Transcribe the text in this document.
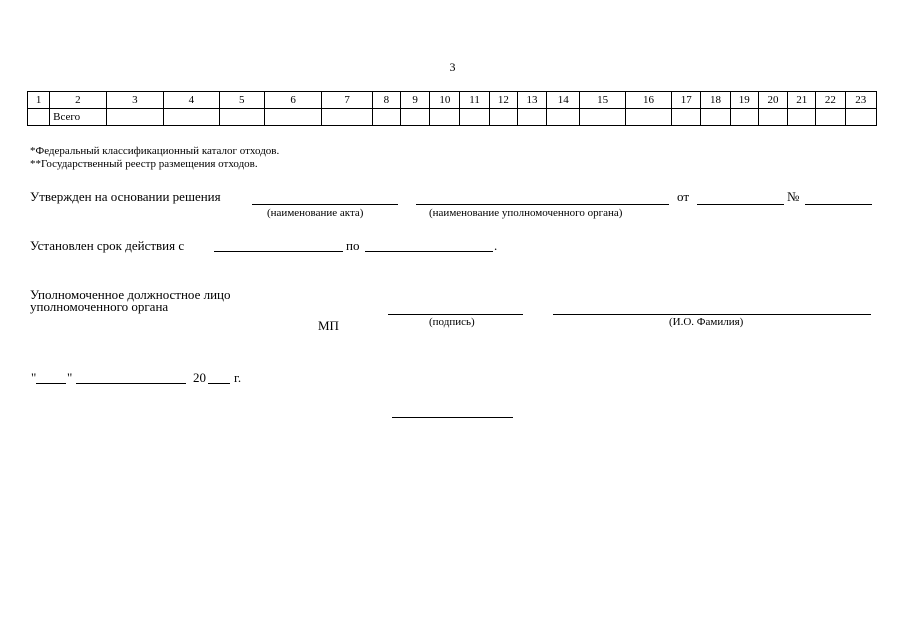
3
1	2	3	4	5	6	7	8	9	10	11	12	13	14	15	16	17	18	19	20	21	22	23
	Всего																					
*Федеральный классификационный каталог отходов.
**Государственный реестр размещения отходов.
Утвержден на основании решения
(наименование акта)	(наименование уполномоченного органа)
от	№
Установлен срок действия с	по	.
Уполномоченное должностное лицо
уполномоченного органа
МП	(подпись)	(И.О. Фамилия)
" "	20 г.
